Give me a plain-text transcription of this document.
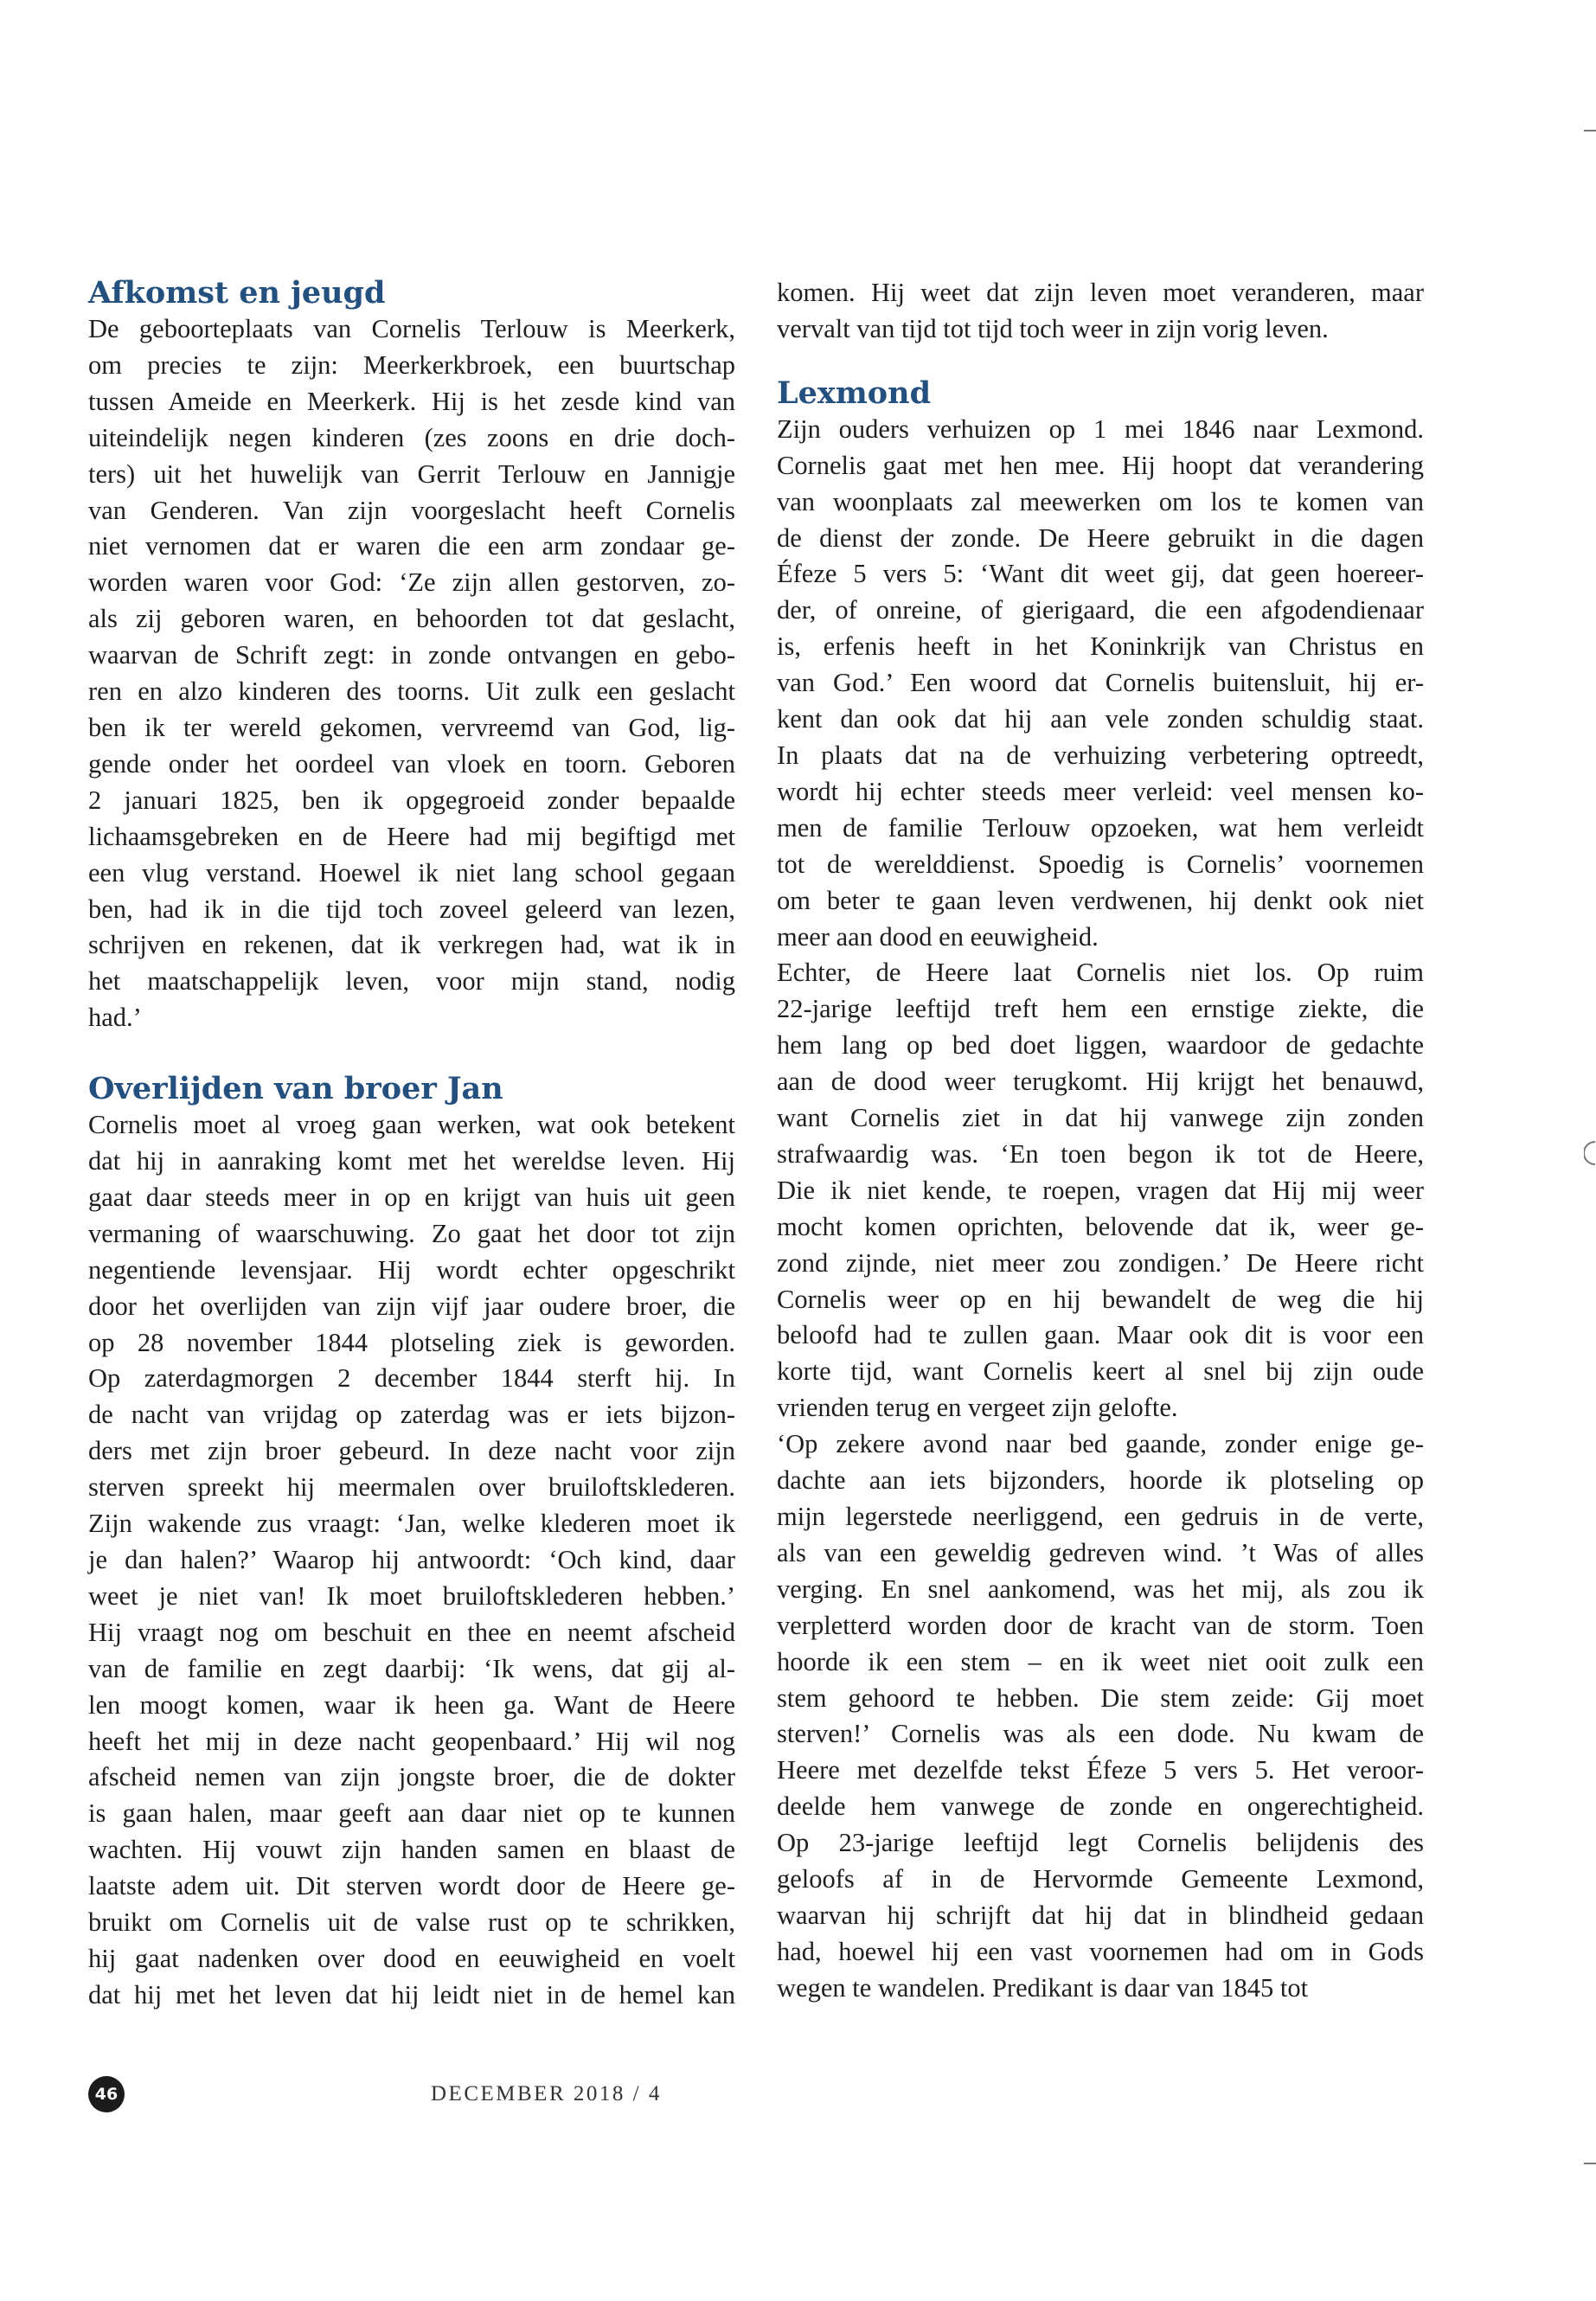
Afkomst en jeugd
De geboorteplaats van Cornelis Terlouw is Meerkerk,
om precies te zijn: Meerkerkbroek, een buurtschap
tussen Ameide en Meerkerk. Hij is het zesde kind van
uiteindelijk negen kinderen (zes zoons en drie doch-
ters) uit het huwelijk van Gerrit Terlouw en Jannigje
van Genderen. Van zijn voorgeslacht heeft Cornelis
niet vernomen dat er waren die een arm zondaar ge-
worden waren voor God: ‘Ze zijn allen gestorven, zo-
als zij geboren waren, en behoorden tot dat geslacht,
waarvan de Schrift zegt: in zonde ontvangen en gebo-
ren en alzo kinderen des toorns. Uit zulk een geslacht
ben ik ter wereld gekomen, vervreemd van God, lig-
gende onder het oordeel van vloek en toorn. Geboren
2 januari 1825, ben ik opgegroeid zonder bepaalde
lichaamsgebreken en de Heere had mij begiftigd met
een vlug verstand. Hoewel ik niet lang school gegaan
ben, had ik in die tijd toch zoveel geleerd van lezen,
schrijven en rekenen, dat ik verkregen had, wat ik in
het maatschappelijk leven, voor mijn stand, nodig
had.’
Overlijden van broer Jan
Cornelis moet al vroeg gaan werken, wat ook betekent
dat hij in aanraking komt met het wereldse leven. Hij
gaat daar steeds meer in op en krijgt van huis uit geen
vermaning of waarschuwing. Zo gaat het door tot zijn
negentiende levensjaar. Hij wordt echter opgeschrikt
door het overlijden van zijn vijf jaar oudere broer, die
op 28 november 1844 plotseling ziek is geworden.
Op zaterdagmorgen 2 december 1844 sterft hij. In
de nacht van vrijdag op zaterdag was er iets bijzon-
ders met zijn broer gebeurd. In deze nacht voor zijn
sterven spreekt hij meermalen over bruiloftsklederen.
Zijn wakende zus vraagt: ‘Jan, welke klederen moet ik
je dan halen?’ Waarop hij antwoordt: ‘Och kind, daar
weet je niet van! Ik moet bruiloftsklederen hebben.’
Hij vraagt nog om beschuit en thee en neemt afscheid
van de familie en zegt daarbij: ‘Ik wens, dat gij al-
len moogt komen, waar ik heen ga. Want de Heere
heeft het mij in deze nacht geopenbaard.’ Hij wil nog
afscheid nemen van zijn jongste broer, die de dokter
is gaan halen, maar geeft aan daar niet op te kunnen
wachten. Hij vouwt zijn handen samen en blaast de
laatste adem uit. Dit sterven wordt door de Heere ge-
bruikt om Cornelis uit de valse rust op te schrikken,
hij gaat nadenken over dood en eeuwigheid en voelt
dat hij met het leven dat hij leidt niet in de hemel kan
komen. Hij weet dat zijn leven moet veranderen, maar
vervalt van tijd tot tijd toch weer in zijn vorig leven.
Lexmond
Zijn ouders verhuizen op 1 mei 1846 naar Lexmond.
Cornelis gaat met hen mee. Hij hoopt dat verandering
van woonplaats zal meewerken om los te komen van
de dienst der zonde. De Heere gebruikt in die dagen
Éfeze 5 vers 5: ‘Want dit weet gij, dat geen hoereer-
der, of onreine, of gierigaard, die een afgodendienaar
is, erfenis heeft in het Koninkrijk van Christus en
van God.’ Een woord dat Cornelis buitensluit, hij er-
kent dan ook dat hij aan vele zonden schuldig staat.
In plaats dat na de verhuizing verbetering optreedt,
wordt hij echter steeds meer verleid: veel mensen ko-
men de familie Terlouw opzoeken, wat hem verleidt
tot de werelddienst. Spoedig is Cornelis’ voornemen
om beter te gaan leven verdwenen, hij denkt ook niet
meer aan dood en eeuwigheid.
Echter, de Heere laat Cornelis niet los. Op ruim
22-jarige leeftijd treft hem een ernstige ziekte, die
hem lang op bed doet liggen, waardoor de gedachte
aan de dood weer terugkomt. Hij krijgt het benauwd,
want Cornelis ziet in dat hij vanwege zijn zonden
strafwaardig was. ‘En toen begon ik tot de Heere,
Die ik niet kende, te roepen, vragen dat Hij mij weer
mocht komen oprichten, belovende dat ik, weer ge-
zond zijnde, niet meer zou zondigen.’ De Heere richt
Cornelis weer op en hij bewandelt de weg die hij
beloofd had te zullen gaan. Maar ook dit is voor een
korte tijd, want Cornelis keert al snel bij zijn oude
vrienden terug en vergeet zijn gelofte.
‘Op zekere avond naar bed gaande, zonder enige ge-
dachte aan iets bijzonders, hoorde ik plotseling op
mijn legerstede neerliggend, een gedruis in de verte,
als van een geweldig gedreven wind. ’t Was of alles
verging. En snel aankomend, was het mij, als zou ik
verpletterd worden door de kracht van de storm. Toen
hoorde ik een stem – en ik weet niet ooit zulk een
stem gehoord te hebben. Die stem zeide: Gij moet
sterven!’ Cornelis was als een dode. Nu kwam de
Heere met dezelfde tekst Éfeze 5 vers 5. Het veroor-
deelde hem vanwege de zonde en ongerechtigheid.
Op 23-jarige leeftijd legt Cornelis belijdenis des
geloofs af in de Hervormde Gemeente Lexmond,
waarvan hij schrijft dat hij dat in blindheid gedaan
had, hoewel hij een vast voornemen had om in Gods
wegen te wandelen. Predikant is daar van 1845 tot
46	DECEMBER 2018 / 4
